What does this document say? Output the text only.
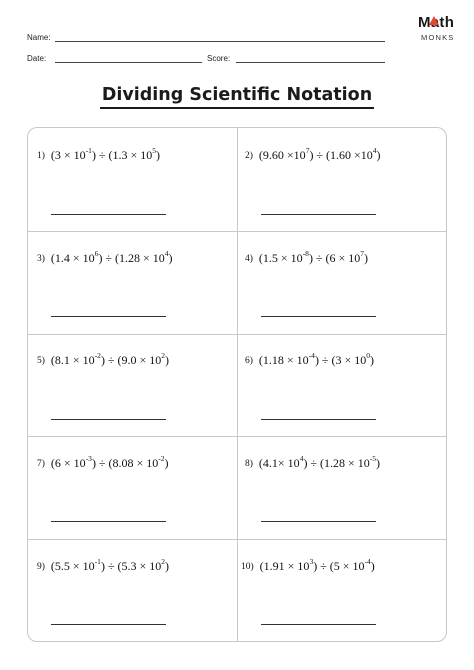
Name:
Date:	Score:
Math
MONKS
Dividing Scientific Notation
1) $(3 \times 10^{-1}) \div (1.3 \times 10^5)$
3) $(1.4 \times 10^6) \div (1.28 \times 10^4)$
5) $(8.1 \times 10^{-2}) \div (9.0 \times 10^2)$
7) $(6 \times 10^{-3}) \div (8.08 \times 10^{-2})$
9) $(5.5 \times 10^{-1}) \div (5.3 \times 10^2)$
2) $(9.60 \times 10^7) \div (1.60 \times 10^4)$
4) $(1.5 \times 10^{-8}) \div (6 \times 10^7)$
6) $(1.18 \times 10^{-4}) \div (3 \times 10^0)$
8) $(4.1\times 10^4) \div (1.28 \times 10^{-5})$
10) $(1.91 \times 10^3) \div (5 \times 10^{-4})$
